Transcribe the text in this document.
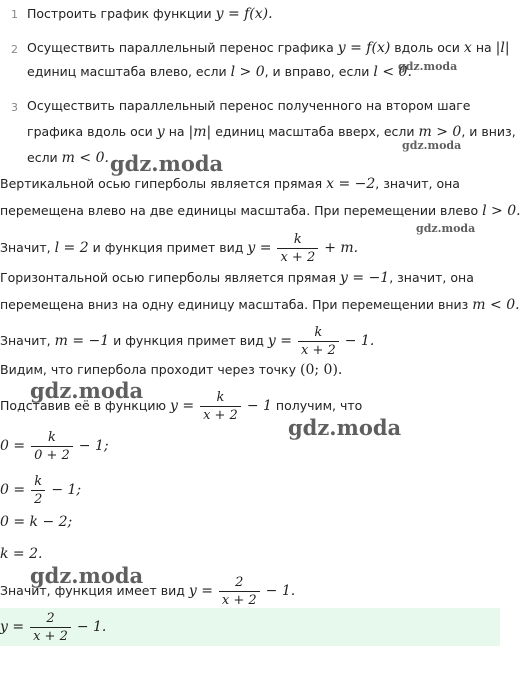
1 Построить график функции y = f(x).
2 Осуществить параллельный перенос графика y = f(x) вдоль оси x на |l|
единиц масштаба влево, если l > 0, и вправо, если l < 0.
3 Осуществить параллельный перенос полученного на втором шаге
графика вдоль оси y на |m| единиц масштаба вверх, если m > 0, и вниз,
если m < 0.
Вертикальной осью гиперболы является прямая x = −2, значит, она
перемещена влево на две единицы масштаба. При перемещении влево l > 0.
Значит, l = 2 и функция примет вид $y = \frac{k}{x + 2} + m$.
Горизонтальной осью гиперболы является прямая y = −1, значит, она
перемещена вниз на одну единицу масштаба. При перемещении вниз m < 0.
Значит, m = −1 и функция примет вид $y = \frac{k}{x + 2} - 1$.
Видим, что гипербола проходит через точку (0; 0).
Подставив её в функцию $y = \frac{k}{x + 2} - 1$ получим, что
$0 = \frac{k}{0 + 2} - 1$;
$0 = \frac{k}{2} - 1$;
0 = k − 2;
k = 2.
Значит, функция имеет вид $y = \frac{2}{x + 2} - 1$.
$y = \frac{2}{x + 2} - 1$.
gdz.moda
gdz.moda
gdz.moda
gdz.moda
gdz.moda
gdz.moda
gdz.moda
